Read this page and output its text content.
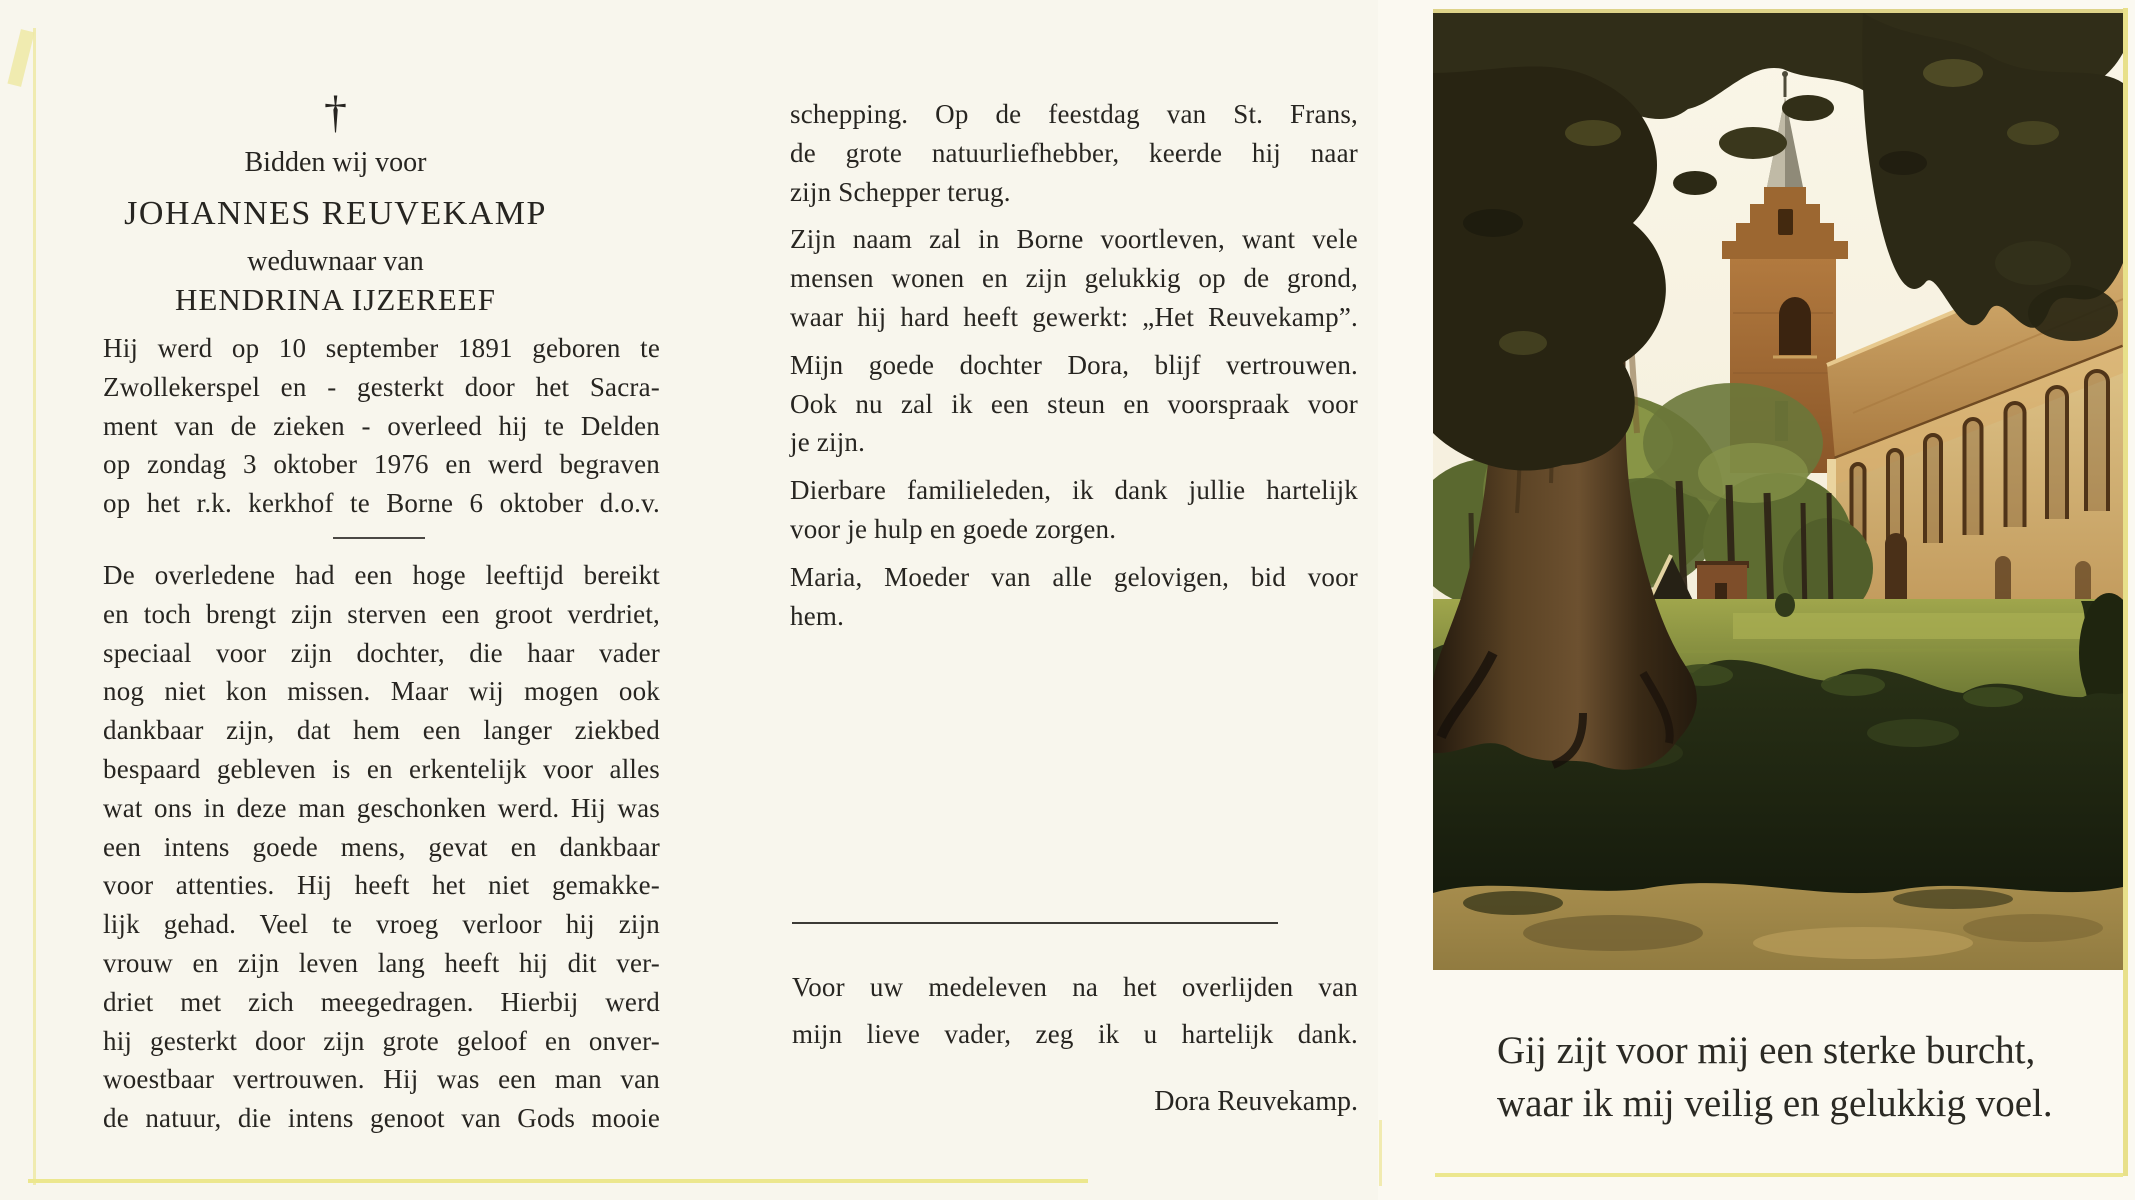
†
Bidden wij voor
JOHANNES REUVEKAMP
weduwnaar van
HENDRINA IJZEREEF
Hij werd op 10 september 1891 geboren te
Zwollekerspel en - gesterkt door het Sacra-
ment van de zieken - overleed hij te Delden
op zondag 3 oktober 1976 en werd begraven
op het r.k. kerkhof te Borne 6 oktober d.o.v.
De overledene had een hoge leeftijd bereikt
en toch brengt zijn sterven een groot verdriet,
speciaal voor zijn dochter, die haar vader
nog niet kon missen. Maar wij mogen ook
dankbaar zijn, dat hem een langer ziekbed
bespaard gebleven is en erkentelijk voor alles
wat ons in deze man geschonken werd. Hij was
een intens goede mens, gevat en dankbaar
voor attenties. Hij heeft het niet gemakke-
lijk gehad. Veel te vroeg verloor hij zijn
vrouw en zijn leven lang heeft hij dit ver-
driet met zich meegedragen. Hierbij werd
hij gesterkt door zijn grote geloof en onver-
woestbaar vertrouwen. Hij was een man van
de natuur, die intens genoot van Gods mooie
schepping. Op de feestdag van St. Frans,
de grote natuurliefhebber, keerde hij naar
zijn Schepper terug.
Zijn naam zal in Borne voortleven, want vele
mensen wonen en zijn gelukkig op de grond,
waar hij hard heeft gewerkt: „Het Reuvekamp”.
Mijn goede dochter Dora, blijf vertrouwen.
Ook nu zal ik een steun en voorspraak voor
je zijn.
Dierbare familieleden, ik dank jullie hartelijk
voor je hulp en goede zorgen.
Maria, Moeder van alle gelovigen, bid voor
hem.
Voor uw medeleven na het overlijden van
mijn lieve vader, zeg ik u hartelijk dank.
Dora Reuvekamp.
Gij zijt voor mij een sterke burcht,
waar ik mij veilig en gelukkig voel.
